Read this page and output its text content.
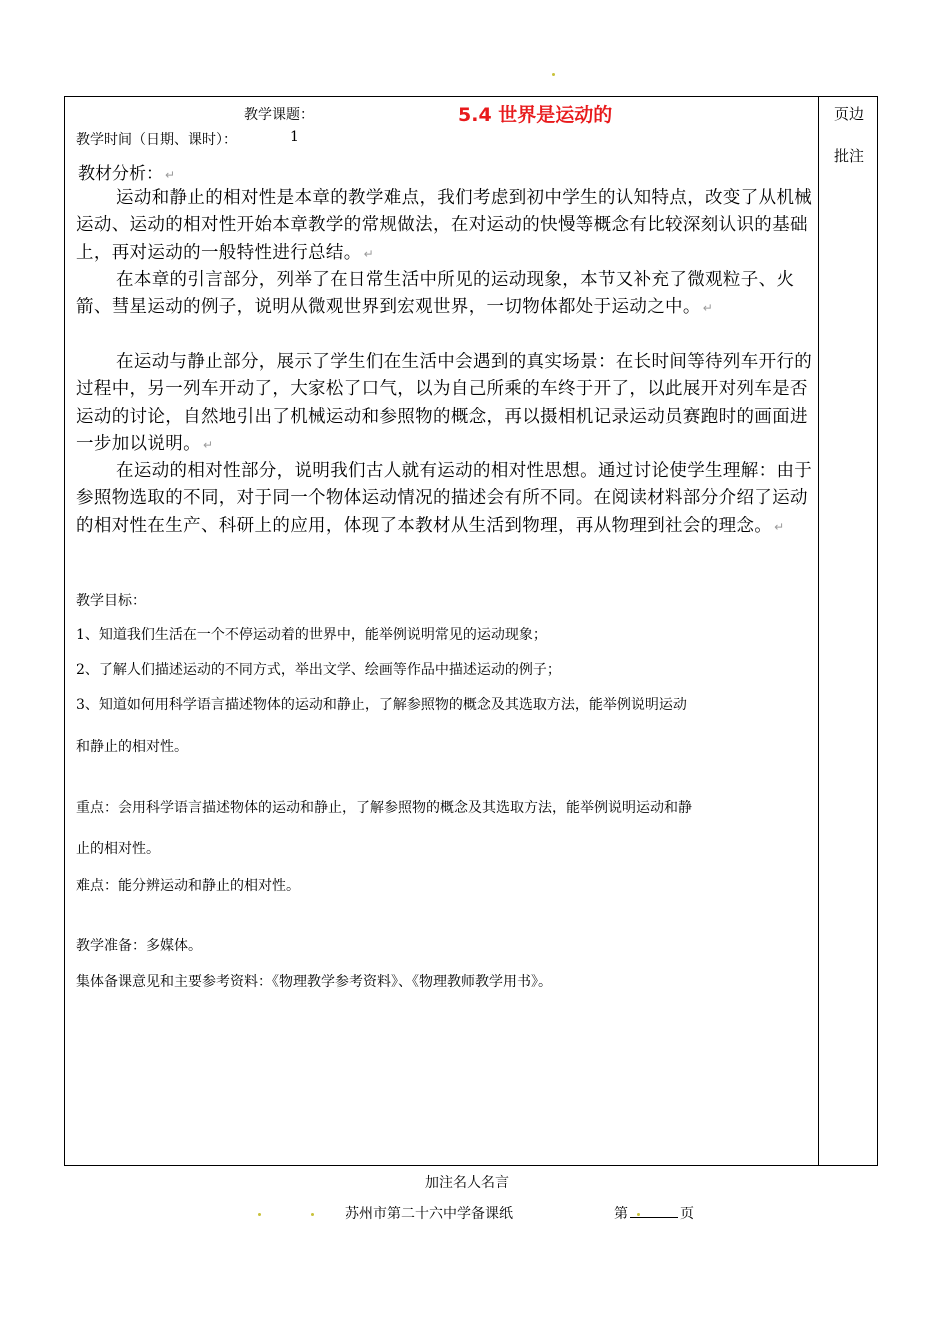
页边
批注
教学课题：	5.4 世界是运动的
教学时间（日期、课时）：	1
教材分析： ↵

运动和静止的相对性是本章的教学难点，我们考虑到初中学生的认知特点，改变了从机械运动、运动的相对性开始本章教学的常规做法，在对运动的快慢等概念有比较深刻认识的基础上，再对运动的一般特性进行总结。 ↵

在本章的引言部分，列举了在日常生活中所见的运动现象，本节又补充了微观粒子、火箭、彗星运动的例子，说明从微观世界到宏观世界，一切物体都处于运动之中。 ↵

在运动与静止部分，展示了学生们在生活中会遇到的真实场景：在长时间等待列车开行的过程中，另一列车开动了，大家松了口气，以为自己所乘的车终于开了，以此展开对列车是否运动的讨论，自然地引出了机械运动和参照物的概念，再以摄相机记录运动员赛跑时的画面进一步加以说明。 ↵

在运动的相对性部分，说明我们古人就有运动的相对性思想。通过讨论使学生理解：由于参照物选取的不同，对于同一个物体运动情况的描述会有所不同。在阅读材料部分介绍了运动的相对性在生产、科研上的应用，体现了本教材从生活到物理，再从物理到社会的理念。 ↵

教学目标：
1、知道我们生活在一个不停运动着的世界中，能举例说明常见的运动现象；
2、了解人们描述运动的不同方式，举出文学、绘画等作品中描述运动的例子；
3、知道如何用科学语言描述物体的运动和静止，了解参照物的概念及其选取方法，能举例说明运动
和静止的相对性。
重点：会用科学语言描述物体的运动和静止，了解参照物的概念及其选取方法，能举例说明运动和静
止的相对性。
难点：能分辨运动和静止的相对性。
教学准备：多媒体。
集体备课意见和主要参考资料：《物理教学参考资料》、《物理教师教学用书》。
加注名人名言
苏州市第二十六中学备课纸	第	页
